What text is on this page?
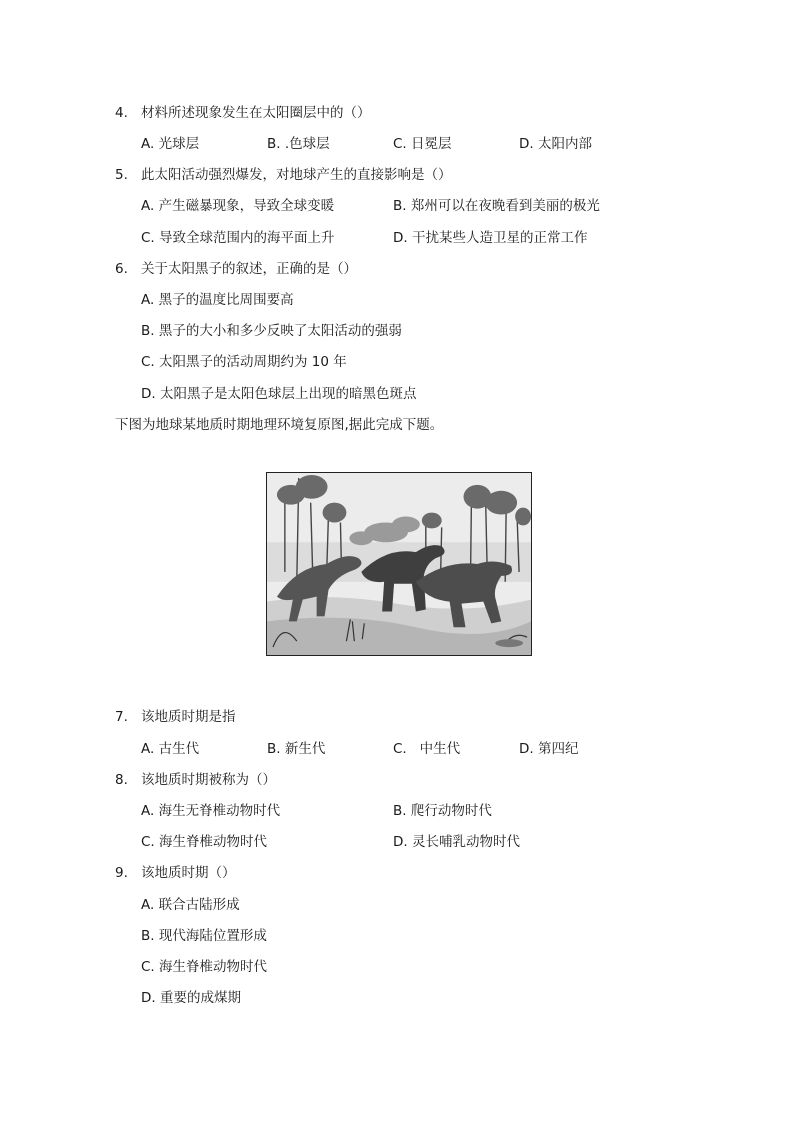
4. 材料所述现象发生在太阳圈层中的（）
A. 光球层	B. .色球层	C. 日冕层	D. 太阳内部
5. 此太阳活动强烈爆发，对地球产生的直接影响是（）
A. 产生磁暴现象，导致全球变暖	B. 郑州可以在夜晚看到美丽的极光
C. 导致全球范围内的海平面上升	D. 干扰某些人造卫星的正常工作
6. 关于太阳黑子的叙述，正确的是（）
A. 黑子的温度比周围要高
B. 黑子的大小和多少反映了太阳活动的强弱
C. 太阳黑子的活动周期约为 10 年
D. 太阳黑子是太阳色球层上出现的暗黑色斑点
下图为地球某地质时期地理环境复原图,据此完成下题。
7. 该地质时期是指
A. 古生代	B. 新生代	C.   中生代	D. 第四纪
8. 该地质时期被称为（）
A. 海生无脊椎动物时代	B. 爬行动物时代
C. 海生脊椎动物时代	D. 灵长哺乳动物时代
9. 该地质时期（）
A. 联合古陆形成
B. 现代海陆位置形成
C. 海生脊椎动物时代
D. 重要的成煤期
